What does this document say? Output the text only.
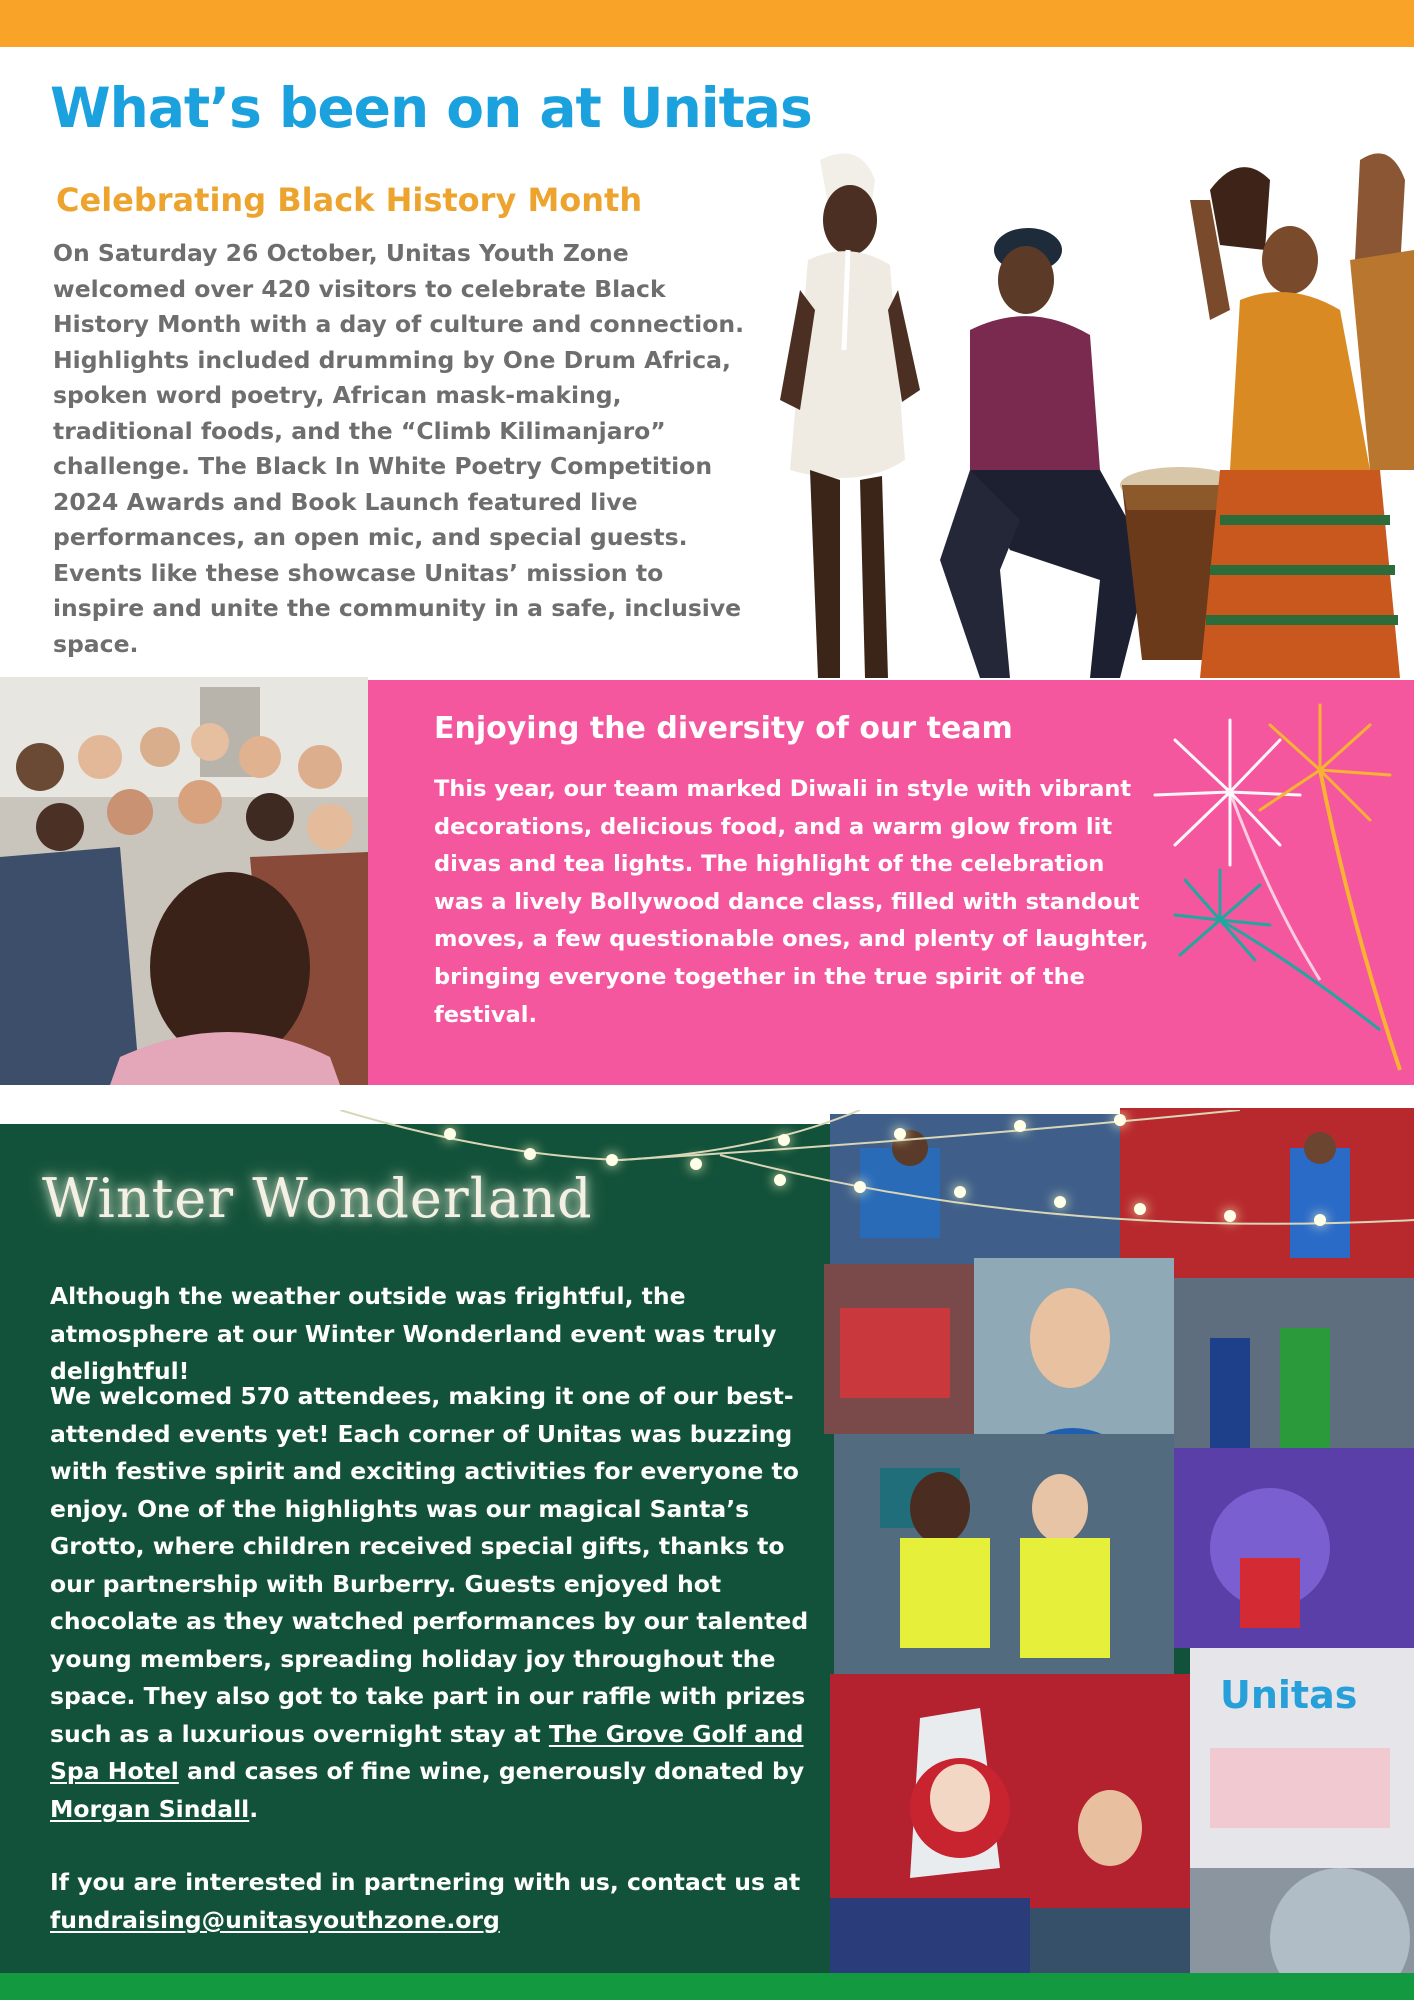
What’s been on at Unitas
Celebrating Black History Month

On Saturday 26 October, Unitas Youth Zone welcomed over 420 visitors to celebrate Black History Month with a day of culture and connection. Highlights included drumming by One Drum Africa, spoken word poetry, African mask-making, traditional foods, and the “Climb Kilimanjaro” challenge. The Black In White Poetry Competition 2024 Awards and Book Launch featured live performances, an open mic, and special guests. Events like these showcase Unitas’ mission to inspire and unite the community in a safe, inclusive space.

Enjoying the diversity of our team

This year, our team marked Diwali in style with vibrant decorations, delicious food, and a warm glow from lit divas and tea lights. The highlight of the celebration was a lively Bollywood dance class, filled with standout moves, a few questionable ones, and plenty of laughter, bringing everyone together in the true spirit of the festival.

Unitas
Winter Wonderland

Although the weather outside was frightful, the atmosphere at our Winter Wonderland event was truly delightful!

We welcomed 570 attendees, making it one of our best-attended events yet! Each corner of Unitas was buzzing with festive spirit and exciting activities for everyone to enjoy. One of the highlights was our magical Santa’s Grotto, where children received special gifts, thanks to our partnership with Burberry. Guests enjoyed hot chocolate as they watched performances by our talented young members, spreading holiday joy throughout the space. They also got to take part in our raffle with prizes such as a luxurious overnight stay at The Grove Golf and Spa Hotel and cases of fine wine, generously donated by Morgan Sindall.

If you are interested in partnering with us, contact us at
fundraising@unitasyouthzone.org
